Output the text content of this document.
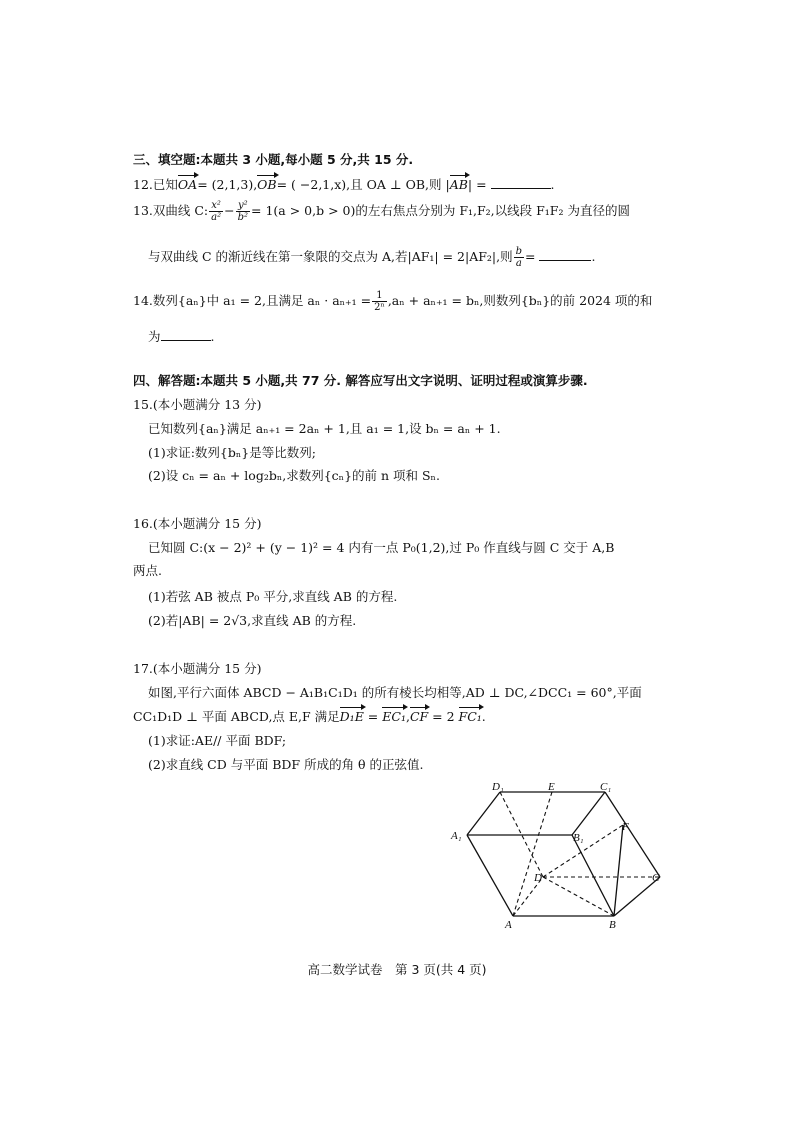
三、填空题:本题共 3 小题,每小题 5 分,共 15 分.
12.已知OA= (2,1,3),OB= ( −2,1,x),且 OA ⊥ OB,则 |AB| =	.
13.双曲线 C: $\frac{\text{x²}}{\text{a²}} - \frac{\text{y²}}{\text{b²}} = 1(a > 0,b > 0)$的左右焦点分别为 F₁,F₂,以线段 F₁F₂ 为直径的圆
与双曲线 C 的渐近线在第一象限的交点为 A,若|AF₁| = 2|AF₂|,则 $\frac{b}{a}$ =	.
14.数列{aₙ}中 a₁ = 2,且满足 $a_n \cdot a_{n+1} = \frac{1}{\text{2ⁿ}} ,a_n + a_{n+1} = b_n$,则数列{bₙ}的前 2024 项的和
为	.
四、解答题:本题共 5 小题,共 77 分. 解答应写出文字说明、证明过程或演算步骤.
15.(本小题满分 13 分)
已知数列{aₙ}满足 aₙ₊₁ = 2aₙ + 1,且 a₁ = 1,设 bₙ = aₙ + 1.
(1)求证:数列{bₙ}是等比数列;
(2)设 cₙ = aₙ + log₂bₙ,求数列{cₙ}的前 n 项和 Sₙ.
16.(本小题满分 15 分)
已知圆 C:(x − 2)² + (y − 1)² = 4 内有一点 P₀(1,2),过 P₀ 作直线与圆 C 交于 A,B
两点.
(1)若弦 AB 被点 P₀ 平分,求直线 AB 的方程.
(2)若|AB| = 2√3,求直线 AB 的方程.
17.(本小题满分 15 分)
如图,平行六面体 ABCD − A₁B₁C₁D₁ 的所有棱长均相等,AD ⊥ DC,∠DCC₁ = 60°,平面
CC₁D₁D ⊥ 平面 ABCD,点 E,F 满足D₁E = EC₁,CF = 2 FC₁.
(1)求证:AE// 平面 BDF;
(2)求直线 CD 与平面 BDF 所成的角 θ 的正弦值.
D₁	E	C₁
A₁	B₁
F
D	C
A	B
高二数学试卷　第 3 页(共 4 页)
